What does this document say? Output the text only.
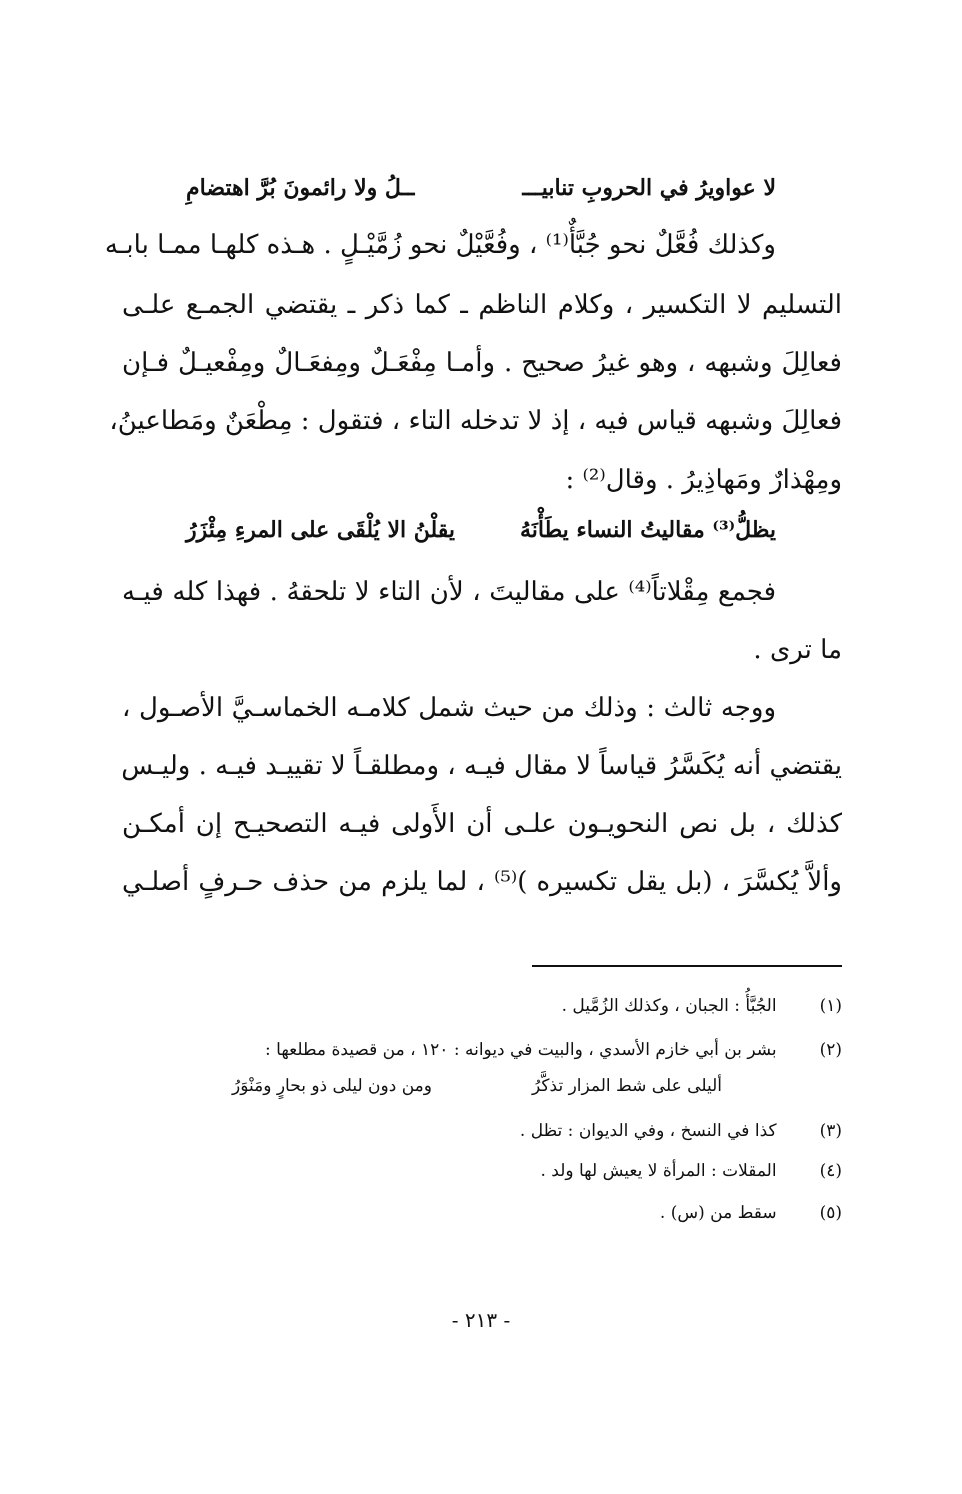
لا عواويرُ في الحروبِ تنابيـــ
ــلُ ولا رائمونَ بُرَّ اهتضامِ
وكذلك فُعَّلٌ نحو جُبَّأٌ⁽¹⁾ ، وفُعَّيْلٌ نحو زُمَّيْـلٍ . هـذه كلهـا ممـا بابـه
التسليم لا التكسير ، وكلام الناظم ـ كما ذكر ـ يقتضي الجمـع علـى
فعالِلَ وشبهه ، وهو غيرُ صحيح . وأمـا مِفْعَـلٌ ومِفعَـالٌ ومِفْعيـلٌ فـإن
فعالِلَ وشبهه قياس فيه ، إذ لا تدخله التاء ، فتقول : مِطْعَنٌ ومَطاعينُ،
ومِهْذارٌ ومَهاذِيرُ . وقال⁽²⁾ :
يظلُّ⁽³⁾ مقاليتُ النساء يطَأْنَهُ
يقلْنُ الا يُلْقَى على المرءِ مِئْزَرُ
فجمع مِقْلاتاً⁽⁴⁾ على مقاليتَ ، لأن التاء لا تلحقهُ . فهذا كله فيـه
ما ترى .
ووجه ثالث : وذلك من حيث شمل كلامـه الخماسـيَّ الأصـول ،
يقتضي أنه يُكَسَّرُ قياساً لا مقال فيـه ، ومطلقـاً لا تقييـد فيـه . وليـس
كذلك ، بل نص النحويـون علـى أن الأَولى فيـه التصحيـح إن أمكـن
وألاَّ يُكسَّرَ ، (بل يقل تكسيره )⁽⁵⁾ ، لما يلزم من حذف حـرفٍ أصلـي
(١) الجُبَّأُ : الجبان ، وكذلك الزُمَّيل .
(٢) بشر بن أبي خازم الأسدي ، والبيت في ديوانه : ١٢٠ ، من قصيدة مطلعها :
أليلى على شط المزار تذكَّرُ
ومن دون ليلى ذو بحارٍ ومَنْوَرُ
(٣) كذا في النسخ ، وفي الديوان : تظل .
(٤) المقلات : المرأة لا يعيش لها ولد .
(٥) سقط من (س) .
- ٢١٣ -
